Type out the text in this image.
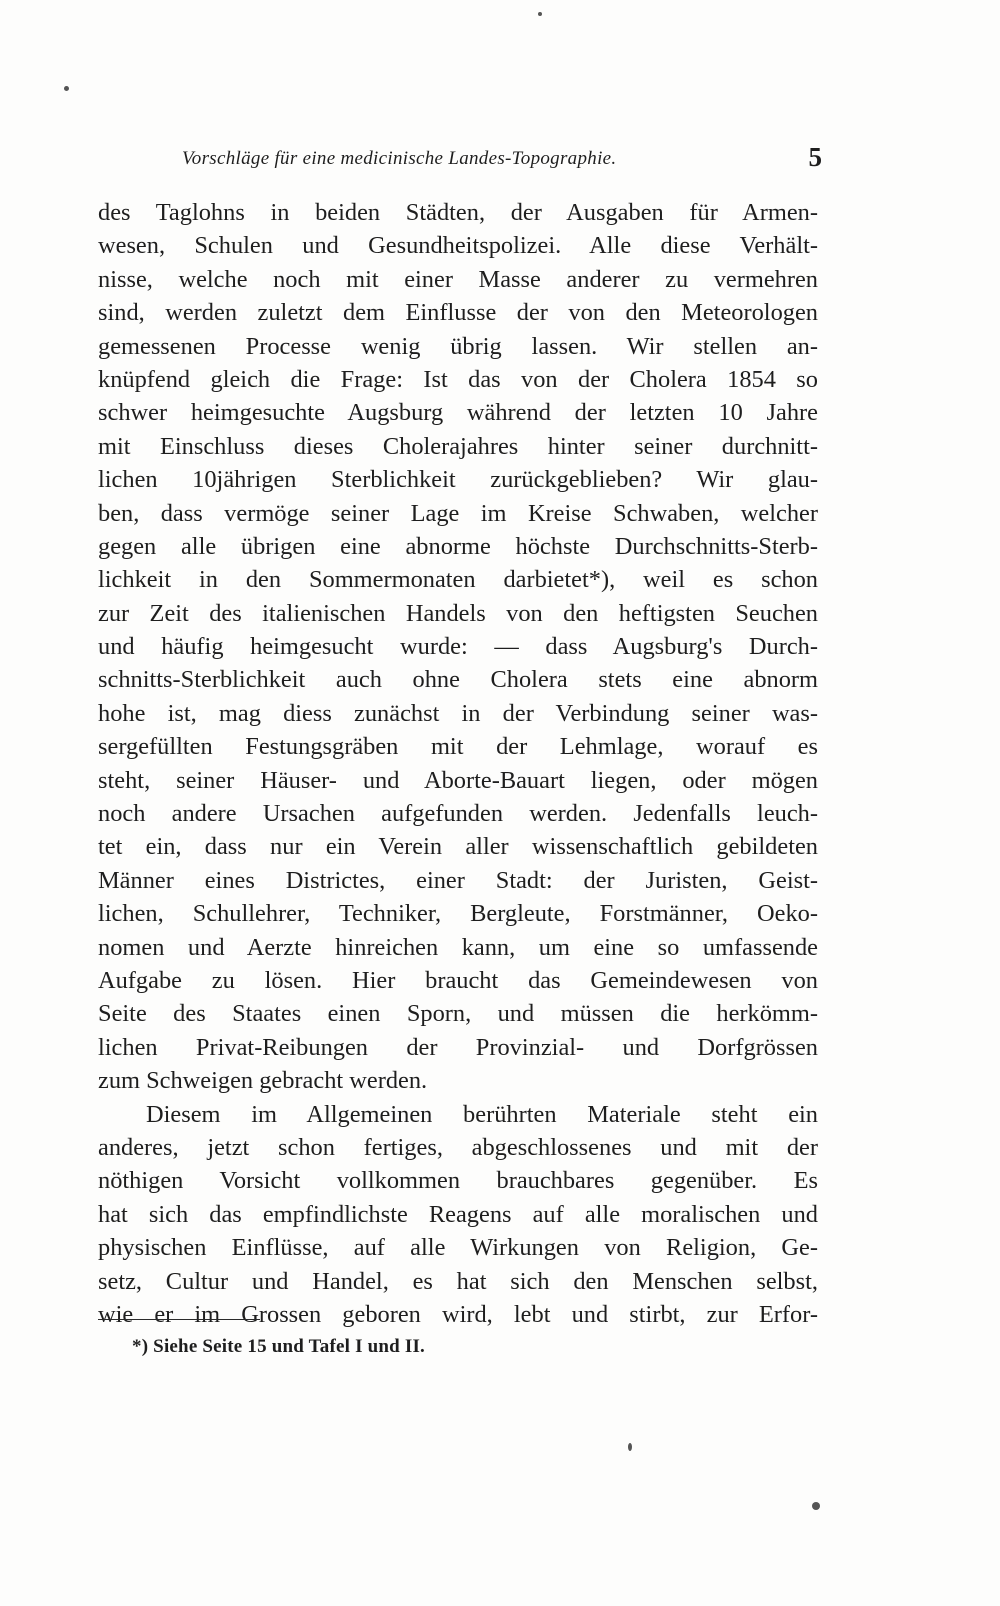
Vorschläge für eine medicinische Landes-Topographie.	5
des Taglohns in beiden Städten, der Ausgaben für Armen-
wesen, Schulen und Gesundheitspolizei. Alle diese Verhält-
nisse, welche noch mit einer Masse anderer zu vermehren
sind, werden zuletzt dem Einflusse der von den Meteorologen
gemessenen Processe wenig übrig lassen. Wir stellen an-
knüpfend gleich die Frage: Ist das von der Cholera 1854 so
schwer heimgesuchte Augsburg während der letzten 10 Jahre
mit Einschluss dieses Cholerajahres hinter seiner durchnitt-
lichen 10jährigen Sterblichkeit zurückgeblieben? Wir glau-
ben, dass vermöge seiner Lage im Kreise Schwaben, welcher
gegen alle übrigen eine abnorme höchste Durchschnitts-Sterb-
lichkeit in den Sommermonaten darbietet*), weil es schon
zur Zeit des italienischen Handels von den heftigsten Seuchen
und häufig heimgesucht wurde: — dass Augsburg's Durch-
schnitts-Sterblichkeit auch ohne Cholera stets eine abnorm
hohe ist, mag diess zunächst in der Verbindung seiner was-
sergefüllten Festungsgräben mit der Lehmlage, worauf es
steht, seiner Häuser- und Aborte-Bauart liegen, oder mögen
noch andere Ursachen aufgefunden werden. Jedenfalls leuch-
tet ein, dass nur ein Verein aller wissenschaftlich gebildeten
Männer eines Districtes, einer Stadt: der Juristen, Geist-
lichen, Schullehrer, Techniker, Bergleute, Forstmänner, Oeko-
nomen und Aerzte hinreichen kann, um eine so umfassende
Aufgabe zu lösen. Hier braucht das Gemeindewesen von
Seite des Staates einen Sporn, und müssen die herkömm-
lichen Privat-Reibungen der Provinzial- und Dorfgrössen
zum Schweigen gebracht werden.
Diesem im Allgemeinen berührten Materiale steht ein
anderes, jetzt schon fertiges, abgeschlossenes und mit der
nöthigen Vorsicht vollkommen brauchbares gegenüber. Es
hat sich das empfindlichste Reagens auf alle moralischen und
physischen Einflüsse, auf alle Wirkungen von Religion, Ge-
setz, Cultur und Handel, es hat sich den Menschen selbst,
wie er im Grossen geboren wird, lebt und stirbt, zur Erfor-
*) Siehe Seite 15 und Tafel I und II.
